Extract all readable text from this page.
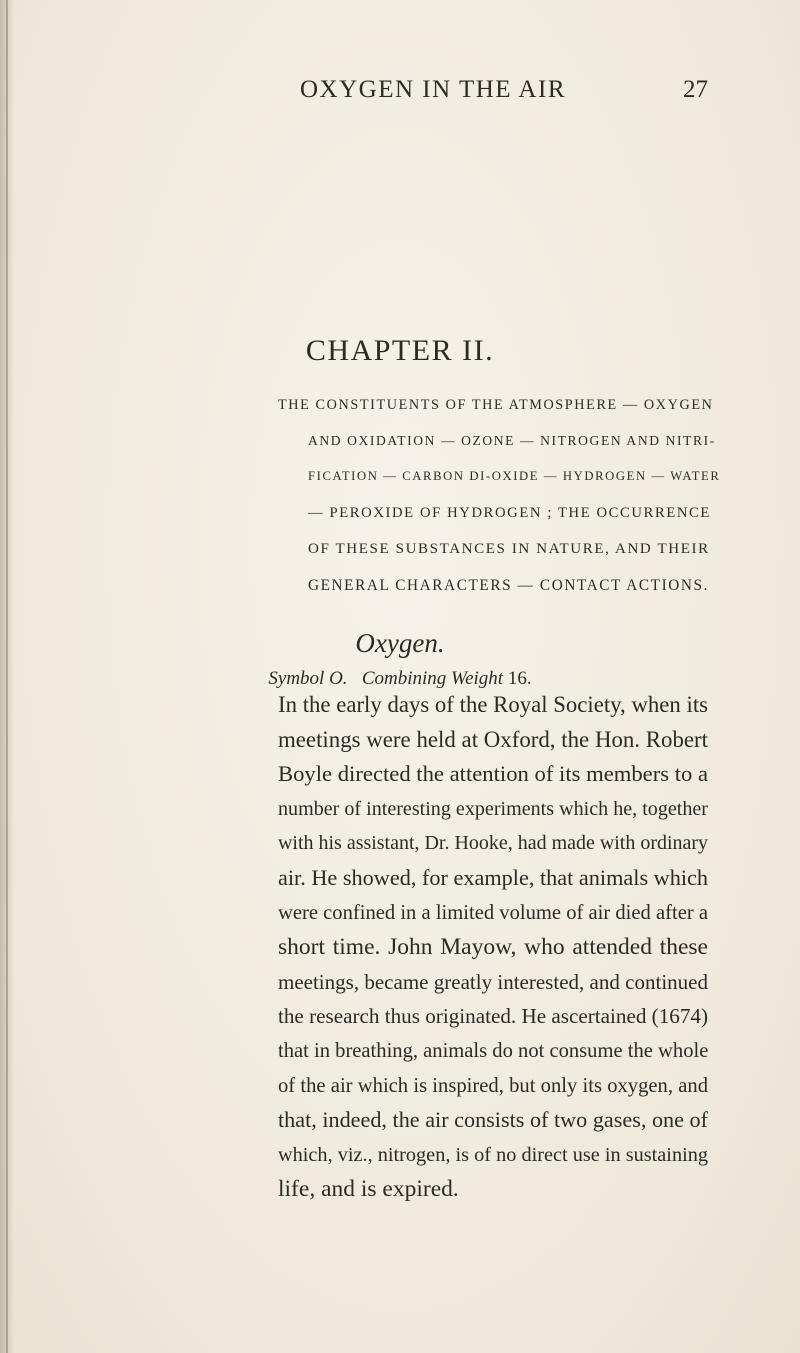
OXYGEN IN THE AIR	27
CHAPTER II.
THE CONSTITUENTS OF THE ATMOSPHERE — OXYGEN
AND OXIDATION — OZONE — NITROGEN AND NITRI-
FICATION — CARBON DI-OXIDE — HYDROGEN — WATER
— PEROXIDE OF HYDROGEN ; THE OCCURRENCE
OF THESE SUBSTANCES IN NATURE, AND THEIR
GENERAL CHARACTERS — CONTACT ACTIONS.
Oxygen.
Symbol O. Combining Weight 16.
In the early days of the Royal Society, when its
meetings were held at Oxford, the Hon. Robert
Boyle directed the attention of its members to a
number of interesting experiments which he, together
with his assistant, Dr. Hooke, had made with ordinary
air. He showed, for example, that animals which
were confined in a limited volume of air died after a
short time. John Mayow, who attended these
meetings, became greatly interested, and continued
the research thus originated. He ascertained (1674)
that in breathing, animals do not consume the whole
of the air which is inspired, but only its oxygen, and
that, indeed, the air consists of two gases, one of
which, viz., nitrogen, is of no direct use in sustaining
life, and is expired.
